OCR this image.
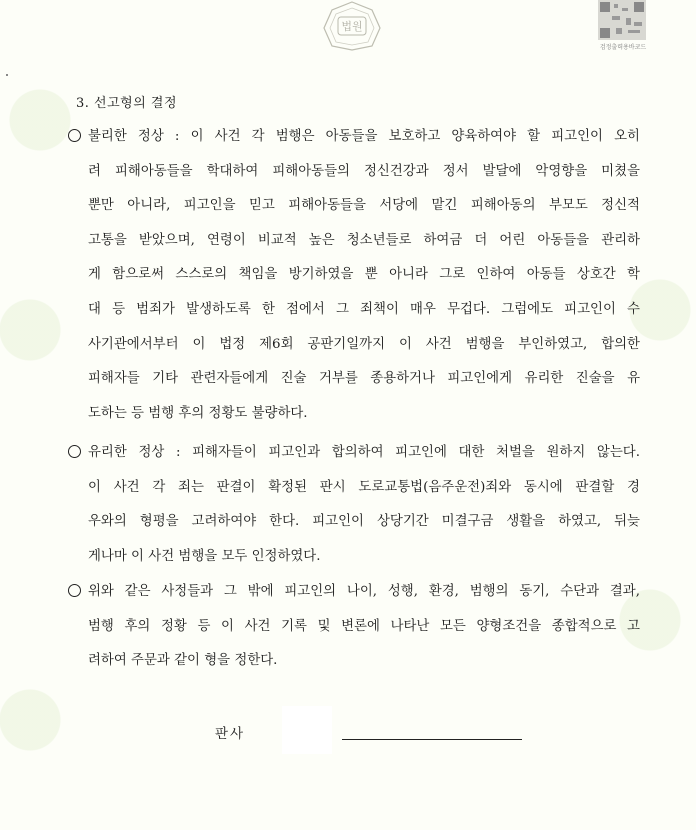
법원
검정출력용바코드
3. 선고형의 결정
불리한 정상 : 이 사건 각 범행은 아동들을 보호하고 양육하여야 할 피고인이 오히
려 피해아동들을 학대하여 피해아동들의 정신건강과 정서 발달에 악영향을 미쳤을
뿐만 아니라, 피고인을 믿고 피해아동들을 서당에 맡긴 피해아동의 부모도 정신적
고통을 받았으며, 연령이 비교적 높은 청소년들로 하여금 더 어린 아동들을 관리하
게 함으로써 스스로의 책임을 방기하였을 뿐 아니라 그로 인하여 아동들 상호간 학
대 등 범죄가 발생하도록 한 점에서 그 죄책이 매우 무겁다. 그럼에도 피고인이 수
사기관에서부터 이 법정 제6회 공판기일까지 이 사건 범행을 부인하였고, 합의한
피해자들 기타 관련자들에게 진술 거부를 종용하거나 피고인에게 유리한 진술을 유
도하는 등 범행 후의 정황도 불량하다.
유리한 정상 : 피해자들이 피고인과 합의하여 피고인에 대한 처벌을 원하지 않는다.
이 사건 각 죄는 판결이 확정된 판시 도로교통법(음주운전)죄와 동시에 판결할 경
우와의 형평을 고려하여야 한다. 피고인이 상당기간 미결구금 생활을 하였고, 뒤늦
게나마 이 사건 범행을 모두 인정하였다.
위와 같은 사정들과 그 밖에 피고인의 나이, 성행, 환경, 범행의 동기, 수단과 결과,
범행 후의 정황 등 이 사건 기록 및 변론에 나타난 모든 양형조건을 종합적으로 고
려하여 주문과 같이 형을 정한다.
판사
